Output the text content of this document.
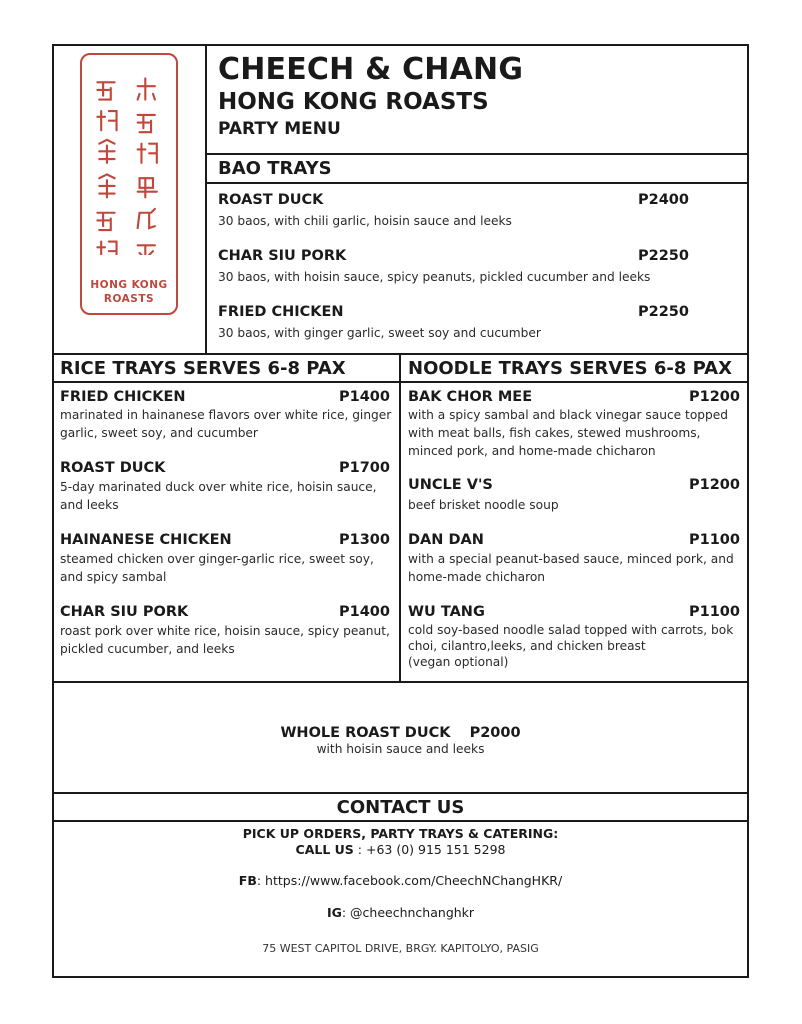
HONG KONG
ROASTS
CHEECH & CHANG
HONG KONG ROASTS
PARTY MENU
BAO TRAYS
ROAST DUCK	P2400
30 baos, with chili garlic, hoisin sauce and leeks
CHAR SIU PORK	P2250
30 baos, with hoisin sauce, spicy peanuts, pickled cucumber and leeks
FRIED CHICKEN	P2250
30 baos, with ginger garlic, sweet soy and cucumber
RICE TRAYS SERVES 6-8 PAX
FRIED CHICKEN	P1400
marinated in hainanese flavors over white rice, ginger garlic, sweet soy, and cucumber
ROAST DUCK	P1700
5-day marinated duck over white rice, hoisin sauce, and leeks
HAINANESE CHICKEN	P1300
steamed chicken over ginger-garlic rice, sweet soy, and spicy sambal
CHAR SIU PORK	P1400
roast pork over white rice, hoisin sauce, spicy peanut, pickled cucumber, and leeks
NOODLE TRAYS SERVES 6-8 PAX
BAK CHOR MEE	P1200
with a spicy sambal and black vinegar sauce topped with meat balls, fish cakes, stewed mushrooms, minced pork, and home-made chicharon
UNCLE V'S	P1200
beef brisket noodle soup
DAN DAN	P1100
with a special peanut-based sauce, minced pork, and home-made chicharon
WU TANG	P1100
cold soy-based noodle salad topped with carrots, bok choi, cilantro,leeks, and chicken breast
(vegan optional)
WHOLE ROAST DUCK P2000
with hoisin sauce and leeks
CONTACT US
PICK UP ORDERS, PARTY TRAYS & CATERING:
CALL US : +63 (0) 915 151 5298
FB: https://www.facebook.com/CheechNChangHKR/
IG: @cheechnchanghkr
75 WEST CAPITOL DRIVE, BRGY. KAPITOLYO, PASIG
